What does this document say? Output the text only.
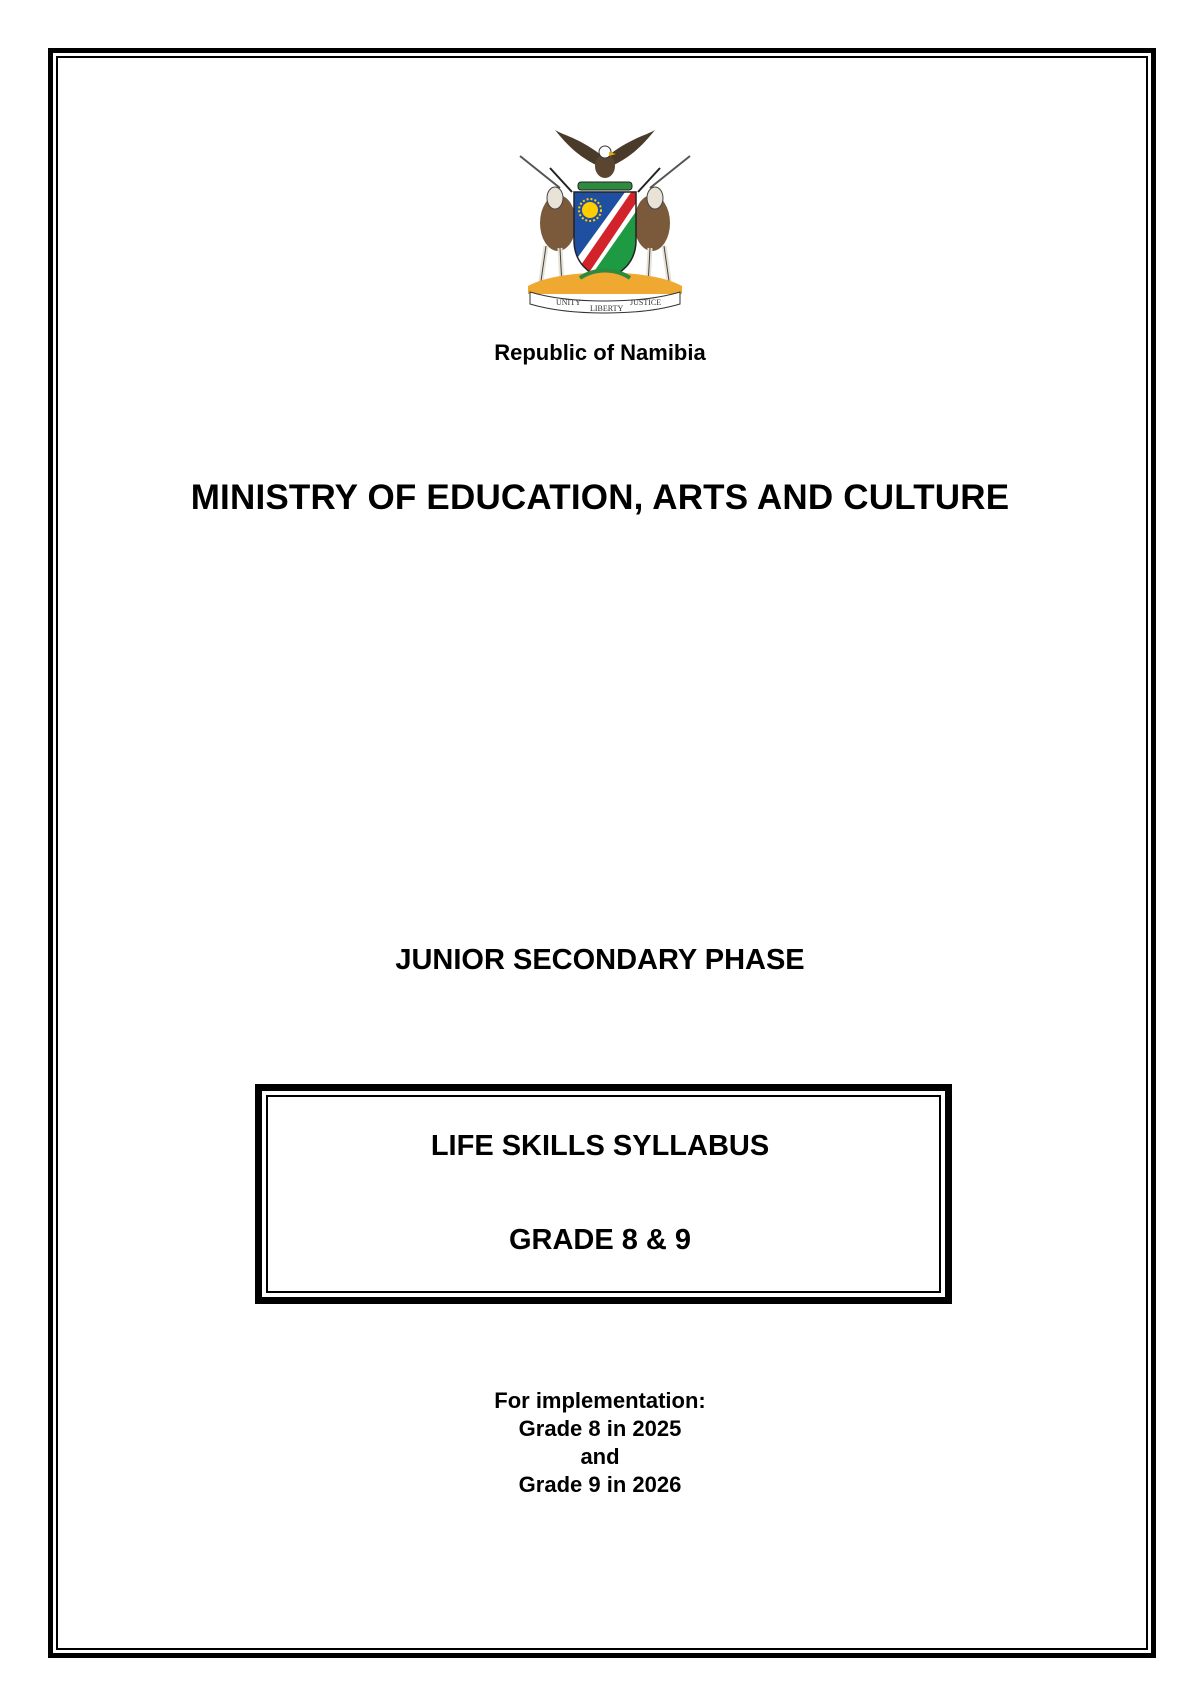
UNITY
LIBERTY
JUSTICE
Republic of Namibia
MINISTRY OF EDUCATION, ARTS AND CULTURE
JUNIOR SECONDARY PHASE
LIFE SKILLS SYLLABUS
GRADE 8 & 9
For implementation:
Grade 8 in 2025
and
Grade 9 in 2026
